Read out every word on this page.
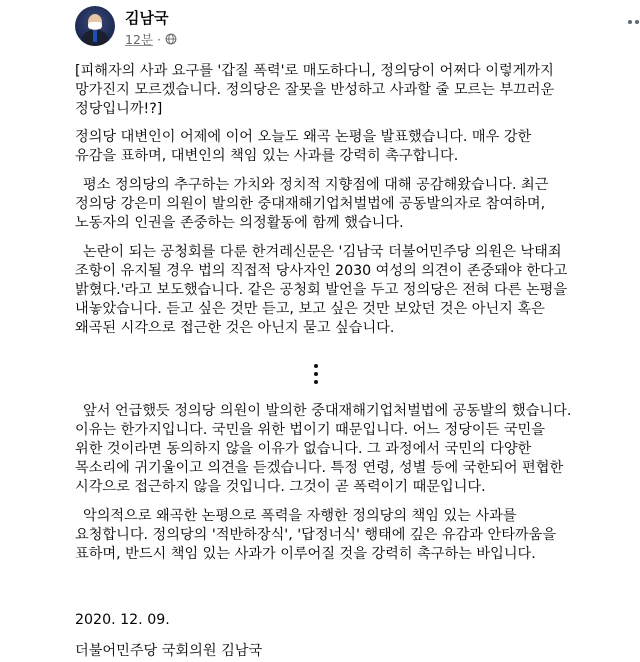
김남국
12분 ·

[피해자의 사과 요구를 '갑질 폭력'로 매도하다니, 정의당이 어쩌다 이렇게까지 망가진지 모르겠습니다. 정의당은 잘못을 반성하고 사과할 줄 모르는 부끄러운 정당입니까!?]

정의당 대변인이 어제에 이어 오늘도 왜곡 논평을 발표했습니다. 매우 강한 유감을 표하며, 대변인의 책임 있는 사과를 강력히 촉구합니다.

평소 정의당의 추구하는 가치와 정치적 지향점에 대해 공감해왔습니다. 최근 정의당 강은미 의원이 발의한 중대재해기업처벌법에 공동발의자로 참여하며, 노동자의 인권을 존중하는 의정활동에 함께 했습니다.

논란이 되는 공청회를 다룬 한겨레신문은 '김남국 더불어민주당 의원은 낙태죄 조항이 유지될 경우 법의 직접적 당사자인 2030 여성의 의견이 존중돼야 한다고 밝혔다.'라고 보도했습니다. 같은 공청회 발언을 두고 정의당은 전혀 다른 논평을 내놓았습니다. 듣고 싶은 것만 듣고, 보고 싶은 것만 보았던 것은 아닌지 혹은 왜곡된 시각으로 접근한 것은 아닌지 묻고 싶습니다.

앞서 언급했듯 정의당 의원이 발의한 중대재해기업처벌법에 공동발의 했습니다. 이유는 한가지입니다. 국민을 위한 법이기 때문입니다. 어느 정당이든 국민을 위한 것이라면 동의하지 않을 이유가 없습니다. 그 과정에서 국민의 다양한 목소리에 귀기울이고 의견을 듣겠습니다. 특정 연령, 성별 등에 국한되어 편협한 시각으로 접근하지 않을 것입니다. 그것이 곧 폭력이기 때문입니다.

악의적으로 왜곡한 논평으로 폭력을 자행한 정의당의 책임 있는 사과를 요청합니다. 정의당의 '적반하장식', '답정너식' 행태에 깊은 유감과 안타까움을 표하며, 반드시 책임 있는 사과가 이루어질 것을 강력히 촉구하는 바입니다.

2020. 12. 09.
더불어민주당 국회의원 김남국
